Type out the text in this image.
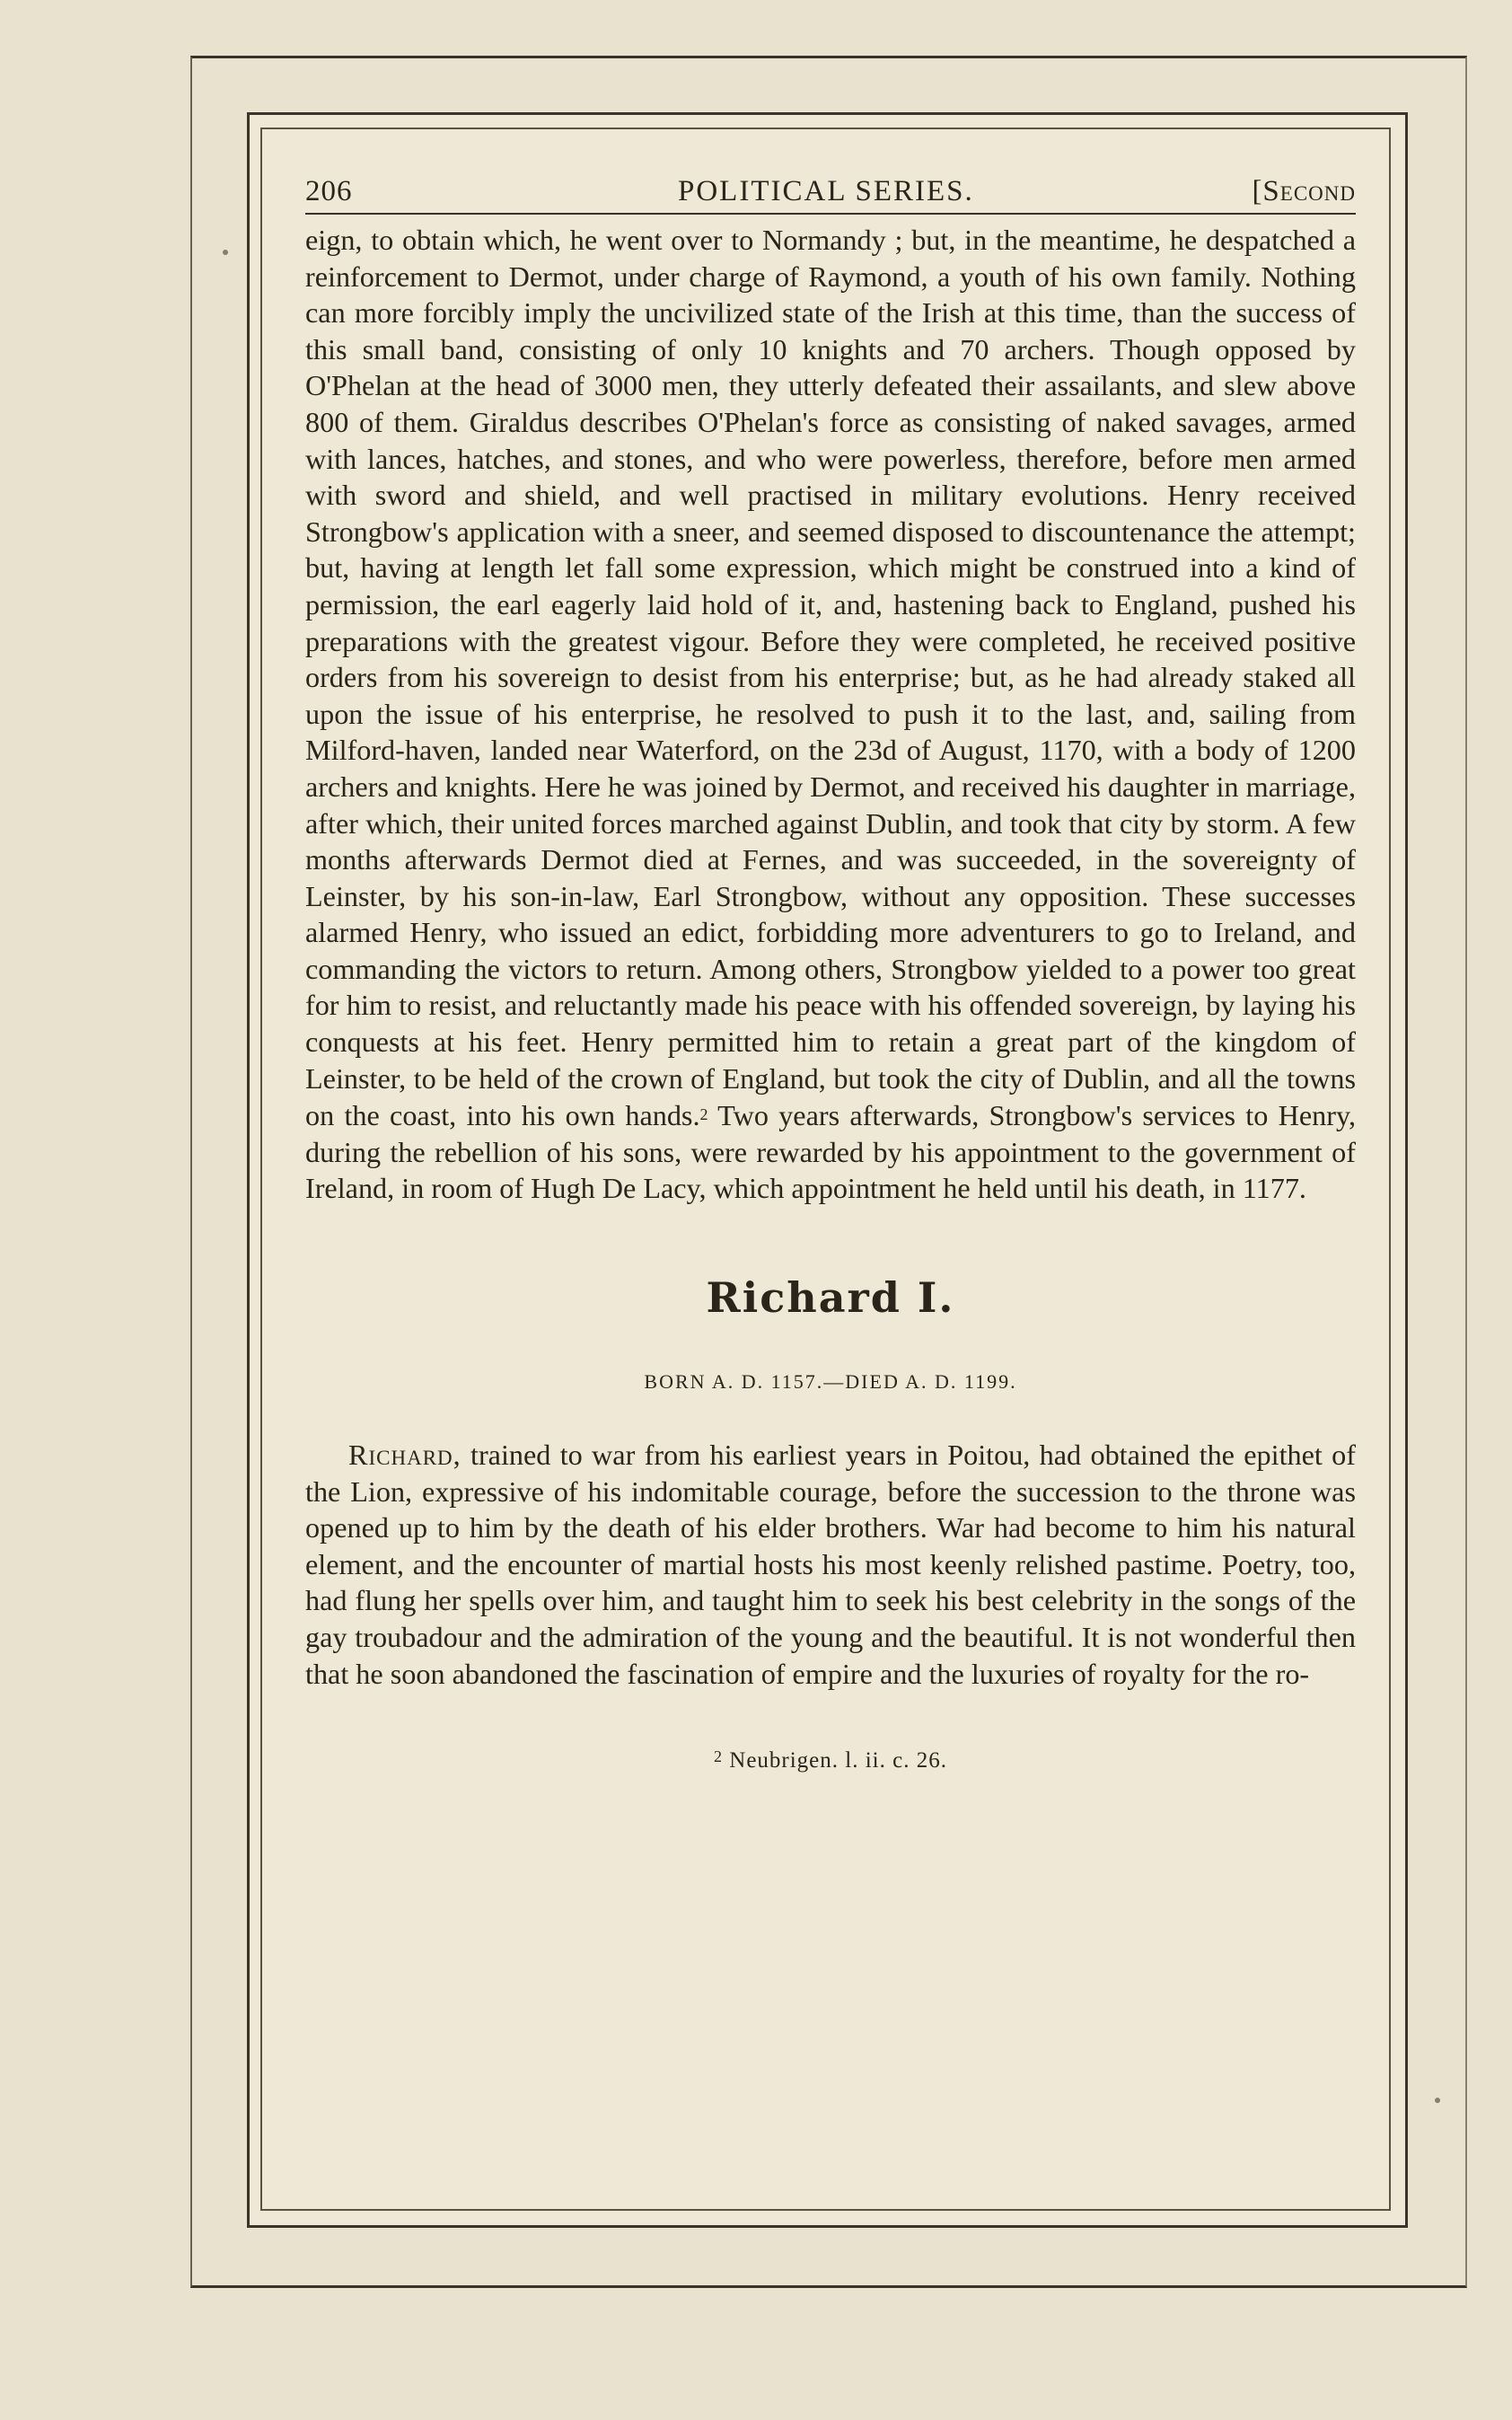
206	POLITICAL SERIES.	[Second

eign, to obtain which, he went over to Normandy ; but, in the meantime, he despatched a reinforcement to Dermot, under charge of Raymond, a youth of his own family. Nothing can more forcibly imply the uncivilized state of the Irish at this time, than the success of this small band, consisting of only 10 knights and 70 archers. Though opposed by O'Phelan at the head of 3000 men, they utterly defeated their assailants, and slew above 800 of them. Giraldus describes O'Phelan's force as consisting of naked savages, armed with lances, hatches, and stones, and who were powerless, therefore, before men armed with sword and shield, and well practised in military evolutions. Henry received Strongbow's application with a sneer, and seemed disposed to discountenance the attempt; but, having at length let fall some expression, which might be construed into a kind of permission, the earl eagerly laid hold of it, and, hastening back to England, pushed his preparations with the greatest vigour. Before they were completed, he received positive orders from his sovereign to desist from his enterprise; but, as he had already staked all upon the issue of his enterprise, he resolved to push it to the last, and, sailing from Milford-haven, landed near Waterford, on the 23d of August, 1170, with a body of 1200 archers and knights. Here he was joined by Dermot, and received his daughter in marriage, after which, their united forces marched against Dublin, and took that city by storm. A few months afterwards Dermot died at Fernes, and was succeeded, in the sovereignty of Leinster, by his son-in-law, Earl Strongbow, without any opposition. These successes alarmed Henry, who issued an edict, forbidding more adventurers to go to Ireland, and commanding the victors to return. Among others, Strongbow yielded to a power too great for him to resist, and reluctantly made his peace with his offended sovereign, by laying his conquests at his feet. Henry permitted him to retain a great part of the kingdom of Leinster, to be held of the crown of England, but took the city of Dublin, and all the towns on the coast, into his own hands.$^2$ Two years afterwards, Strongbow's services to Henry, during the rebellion of his sons, were rewarded by his appointment to the government of Ireland, in room of Hugh De Lacy, which appointment he held until his death, in 1177.

Richard I.
BORN A. D. 1157.—DIED A. D. 1199.

Richard, trained to war from his earliest years in Poitou, had obtained the epithet of the Lion, expressive of his indomitable courage, before the succession to the throne was opened up to him by the death of his elder brothers. War had become to him his natural element, and the encounter of martial hosts his most keenly relished pastime. Poetry, too, had flung her spells over him, and taught him to seek his best celebrity in the songs of the gay troubadour and the admiration of the young and the beautiful. It is not wonderful then that he soon abandoned the fascination of empire and the luxuries of royalty for the ro-

$^2$ Neubrigen. l. ii. c. 26.
